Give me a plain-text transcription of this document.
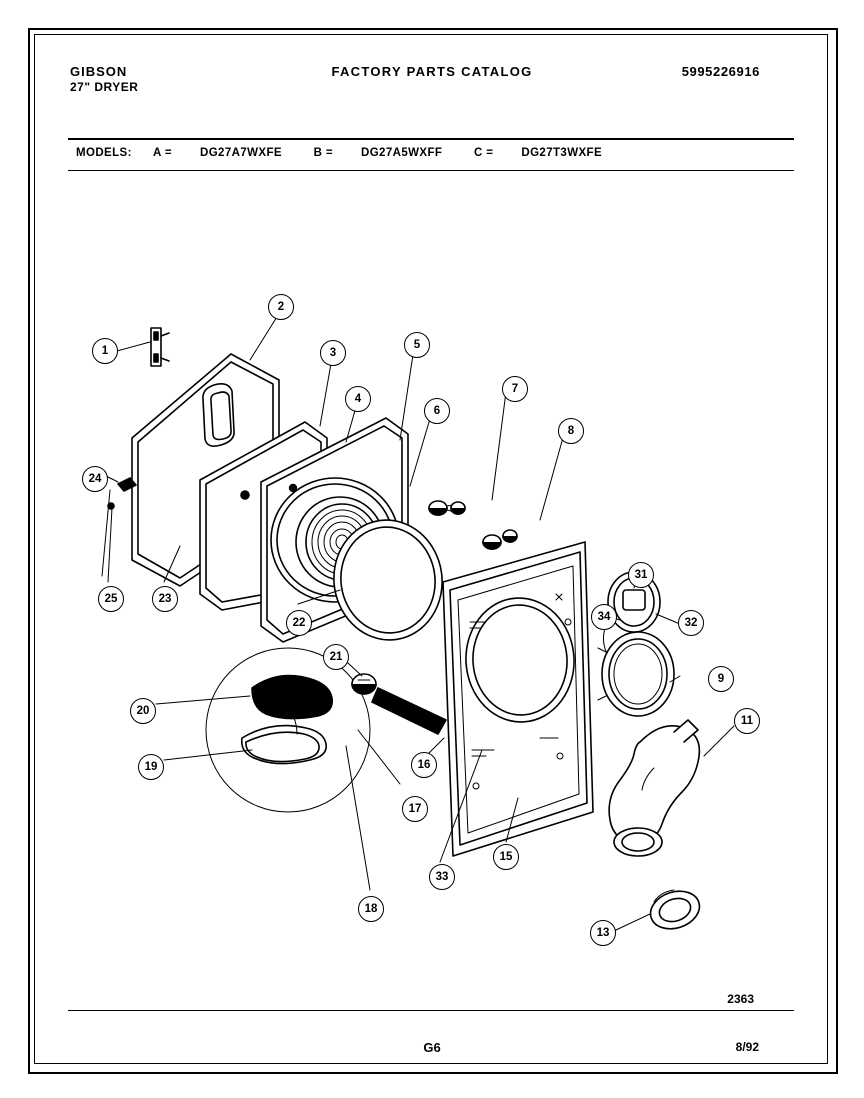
GIBSON
27" DRYER
FACTORY PARTS CATALOG	5995226916
MODELS: A = DG27A7WXFE	B = DG27A5WXFF	C = DG27T3WXFE
1
2
3
4
5
6
7
8
9
11
13
15
16
17
18
19
20
21
22
23
24
25
31
32
33
34
2363
G6	8/92
